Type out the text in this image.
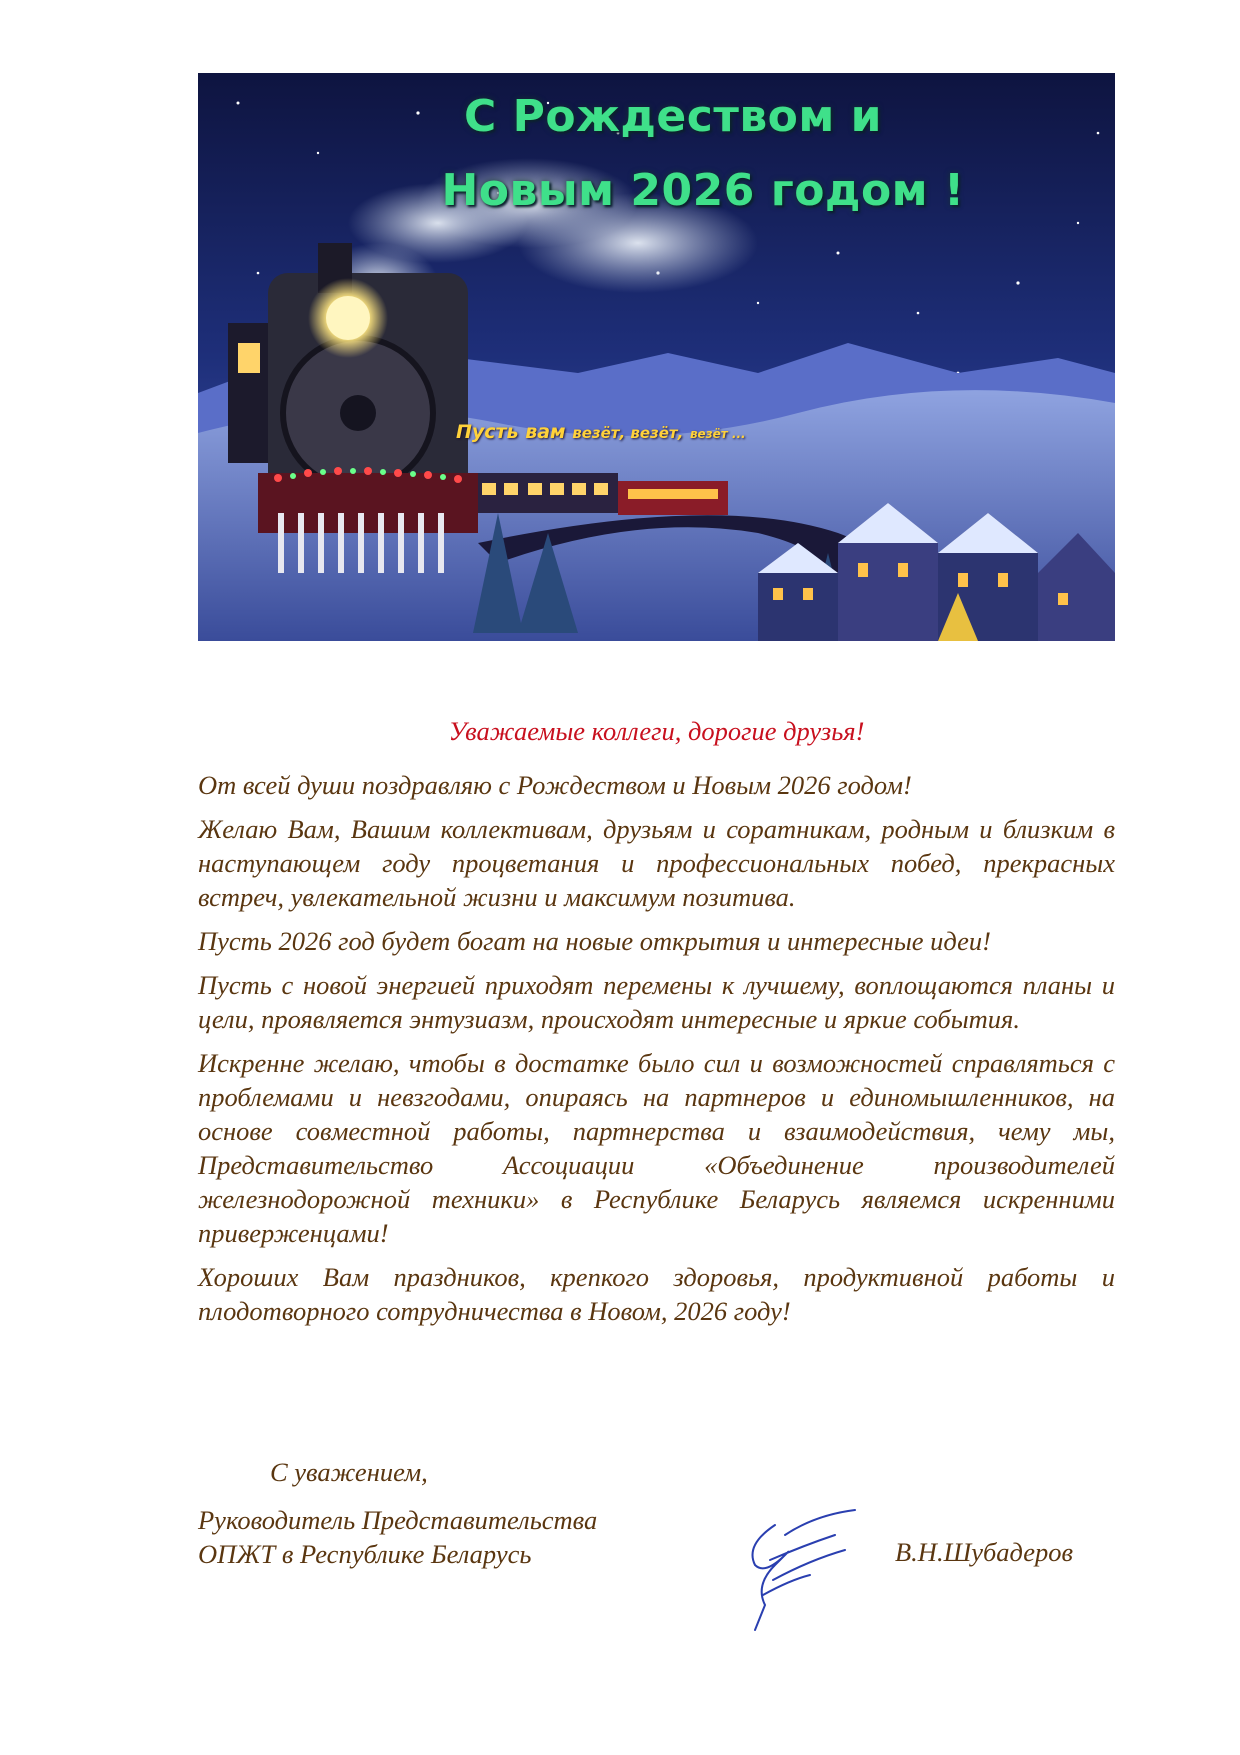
С Рождеством и
Новым 2026 годом !
Пусть вам везёт, везёт, везёт ...
Уважаемые коллеги, дорогие друзья!

От всей души поздравляю с Рождеством и Новым 2026 годом!

Желаю Вам, Вашим коллективам, друзьям и соратникам, родным и близким в наступающем году процветания и профессиональных побед, прекрасных встреч, увлекательной жизни и максимум позитива.

Пусть 2026 год будет богат на новые открытия и интересные идеи!

Пусть с новой энергией приходят перемены к лучшему, воплощаются планы и цели, проявляется энтузиазм, происходят интересные и яркие события.

Искренне желаю, чтобы в достатке было сил и возможностей справляться с проблемами и невзгодами, опираясь на партнеров и единомышленников, на основе совместной работы, партнерства и взаимодействия, чему мы, Представительство Ассоциации «Объединение производителей железнодорожной техники» в Республике Беларусь являемся искренними приверженцами!

Хороших Вам праздников, крепкого здоровья, продуктивной работы и плодотворного сотрудничества в Новом, 2026 году!

С уважением,
Руководитель Представительства
ОПЖТ в Республике Беларусь	В.Н.Шубадеров
